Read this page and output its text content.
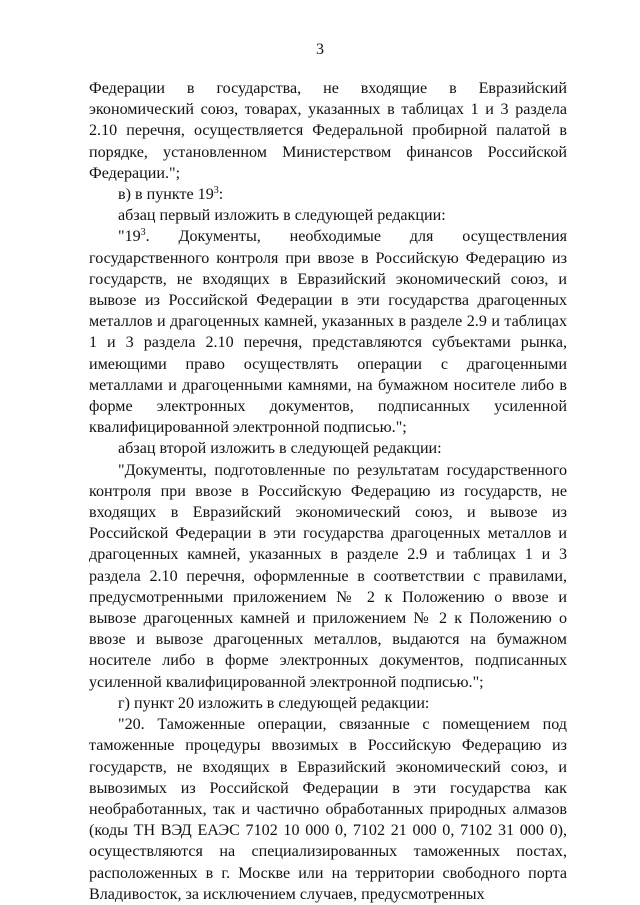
3

Федерации в государства, не входящие в Евразийский экономический союз, товарах, указанных в таблицах 1 и 3 раздела 2.10 перечня, осуществляется Федеральной пробирной палатой в порядке, установленном Министерством финансов Российской Федерации.";

в) в пункте $19^3$:

абзац первый изложить в следующей редакции:

"$19^3$. Документы, необходимые для осуществления государственного контроля при ввозе в Российскую Федерацию из государств, не входящих в Евразийский экономический союз, и вывозе из Российской Федерации в эти государства драгоценных металлов и драгоценных камней, указанных в разделе 2.9 и таблицах 1 и 3 раздела 2.10 перечня, представляются субъектами рынка, имеющими право осуществлять операции с драгоценными металлами и драгоценными камнями, на бумажном носителе либо в форме электронных документов, подписанных усиленной квалифицированной электронной подписью.";

абзац второй изложить в следующей редакции:

"Документы, подготовленные по результатам государственного контроля при ввозе в Российскую Федерацию из государств, не входящих в Евразийский экономический союз, и вывозе из Российской Федерации в эти государства драгоценных металлов и драгоценных камней, указанных в разделе 2.9 и таблицах 1 и 3 раздела 2.10 перечня, оформленные в соответствии с правилами, предусмотренными приложением № 2 к Положению о ввозе и вывозе драгоценных камней и приложением № 2 к Положению о ввозе и вывозе драгоценных металлов, выдаются на бумажном носителе либо в форме электронных документов, подписанных усиленной квалифицированной электронной подписью.";

г) пункт 20 изложить в следующей редакции:

"20. Таможенные операции, связанные с помещением под таможенные процедуры ввозимых в Российскую Федерацию из государств, не входящих в Евразийский экономический союз, и вывозимых из Российской Федерации в эти государства как необработанных, так и частично обработанных природных алмазов (коды ТН ВЭД ЕАЭС 7102 10 000 0, 7102 21 000 0, 7102 31 000 0), осуществляются на специализированных таможенных постах, расположенных в г. Москве или на территории свободного порта Владивосток, за исключением случаев, предусмотренных
